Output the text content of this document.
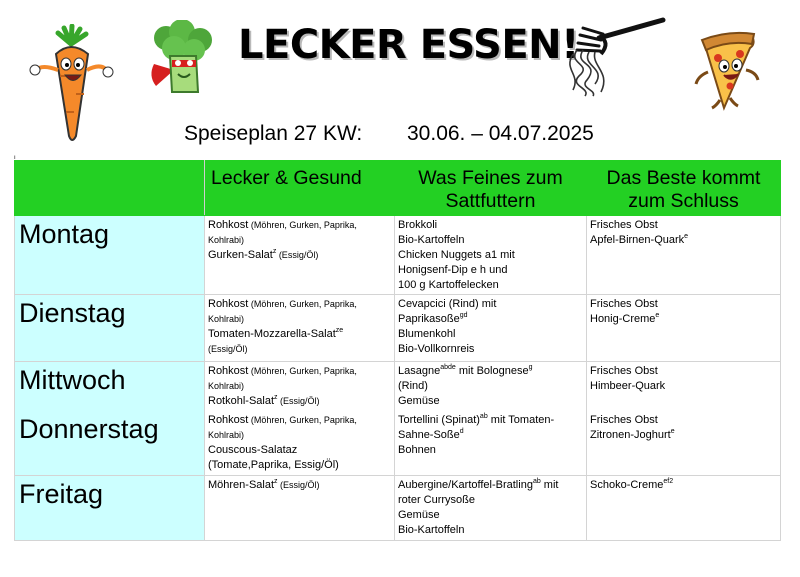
LECKER ESSEN!
Speiseplan 27 KW: 30.06. – 04.07.2025
ı
	Lecker & Gesund	Was Feines zum Sattfuttern	Das Beste kommt zum Schluss
Montag	Rohkost (Möhren, Gurken, Paprika, Kohlrabi)
Gurken-Salat$^z$ (Essig/Öl)	Brokkoli
Bio-Kartoffeln
Chicken Nuggets a1 mit
Honigsenf-Dip e h und
100 g Kartoffelecken	Frisches Obst
Apfel-Birnen-Quark$^e$
Dienstag	Rohkost (Möhren, Gurken, Paprika, Kohlrabi)
Tomaten-Mozzarella-Salat$^{ze}$
(Essig/Öl)	Cevapcici (Rind) mit
Paprikasoße$^{gd}$
Blumenkohl
Bio-Vollkornreis	Frisches Obst
Honig-Creme$^e$
Mittwoch	Rohkost (Möhren, Gurken, Paprika, Kohlrabi)
Rotkohl-Salat$^z$ (Essig/Öl)	Lasagne$^{abde}$ mit Bolognese$^g$
(Rind)
Gemüse	Frisches Obst
Himbeer-Quark
Donnerstag	Rohkost (Möhren, Gurken, Paprika, Kohlrabi)
Couscous-Salataz
(Tomate,Paprika, Essig/Öl)	Tortellini (Spinat)$^{ab}$ mit Tomaten-
Sahne-Soße$^d$
Bohnen	Frisches Obst
Zitronen-Joghurt$^e$
Freitag	Möhren-Salat$^z$ (Essig/Öl)	Aubergine/Kartoffel-Bratling$^{ab}$ mit
roter Currysoße
Gemüse
Bio-Kartoffeln	Schoko-Creme$^{ef2}$
